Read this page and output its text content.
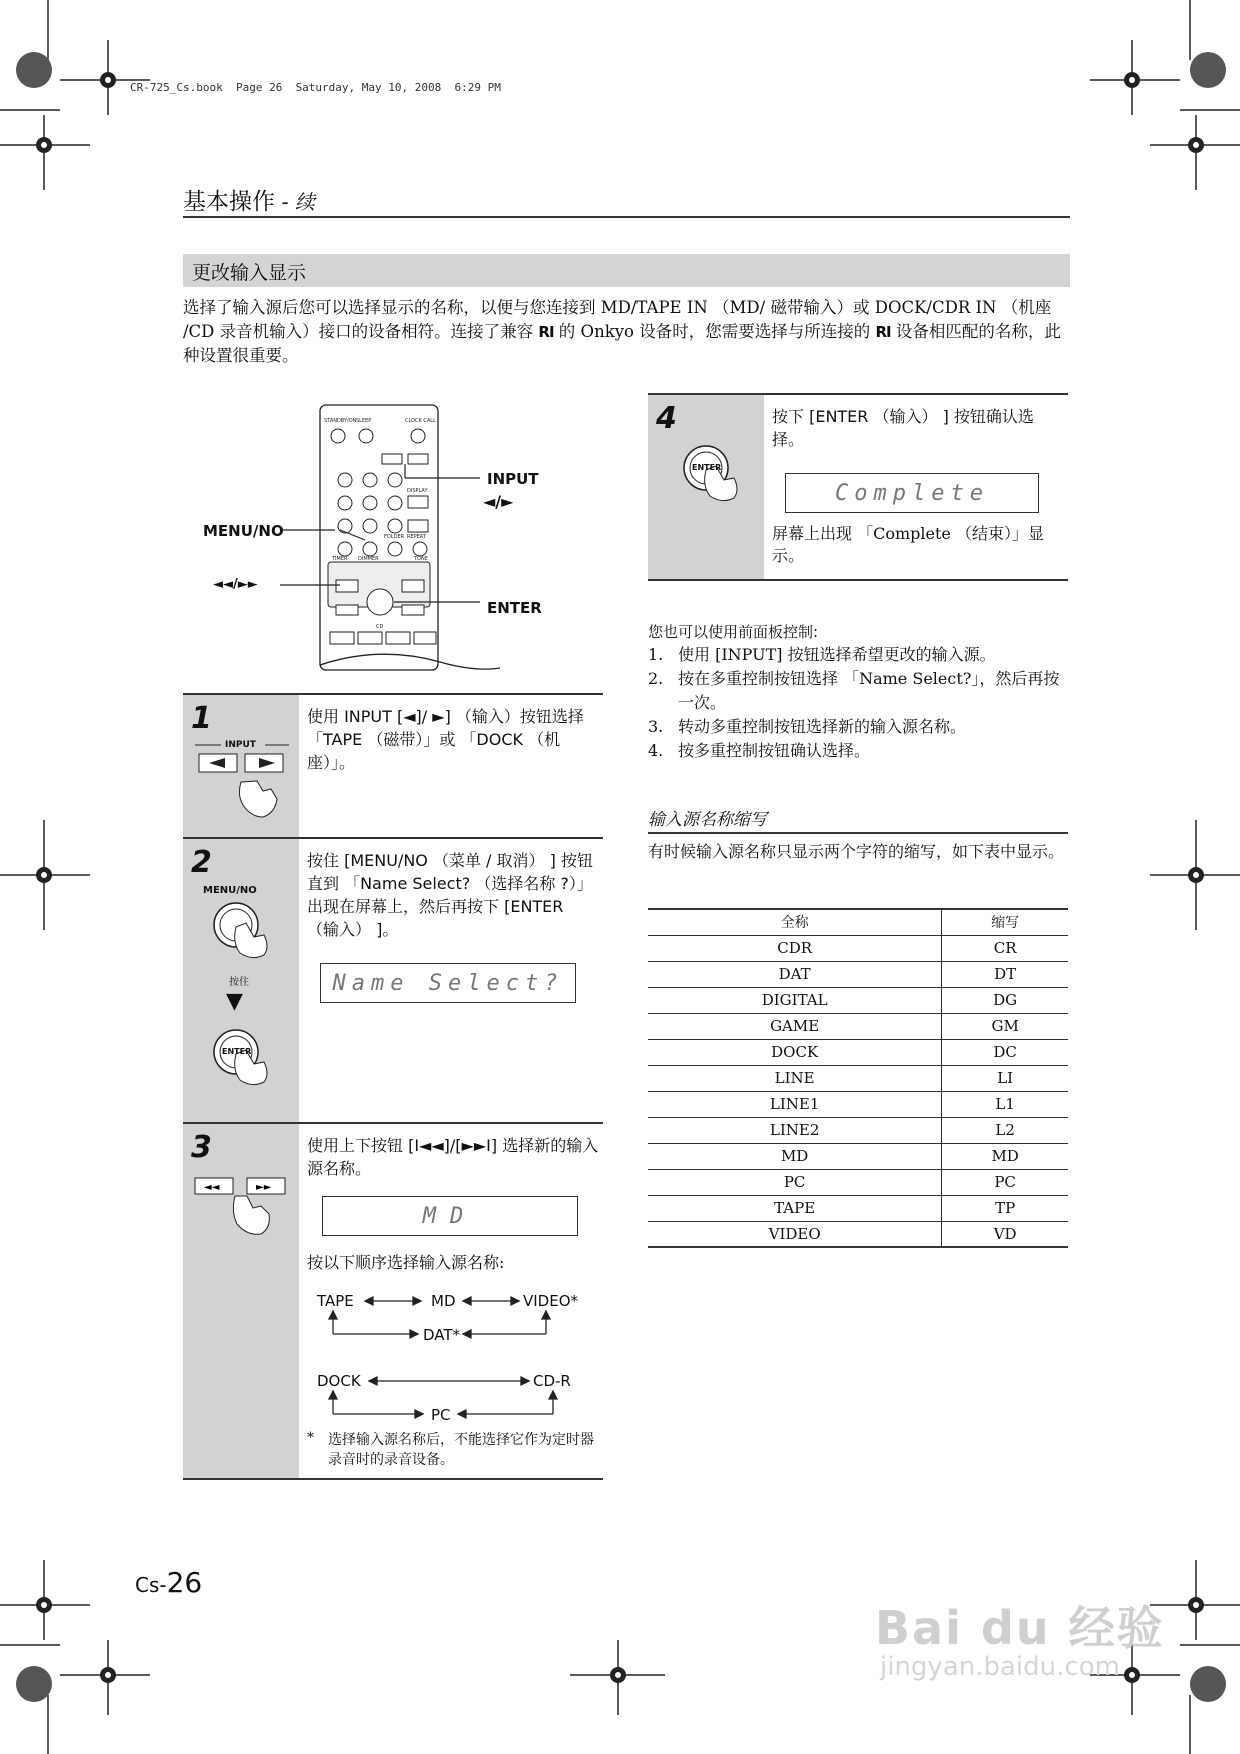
CR-725_Cs.book  Page 26  Saturday, May 10, 2008  6:29 PM
基本操作 - 续
更改输入显示
选择了输入源后您可以选择显示的名称，以便与您连接到 MD/TAPE IN （MD/ 磁带输入）或 DOCK/CDR IN （机座 /CD 录音机输入）接口的设备相符。连接了兼容 RI 的 Onkyo 设备时，您需要选择与所连接的 RI 设备相匹配的名称，此种设置很重要。
STANDBY/ON SLEEP	CLOCK CALL
DISPLAY
FOLDER REPEAT
TIMER DIMMER	TONE
CD
INPUT
◄/►
MENU/NO
◄◄/►►
ENTER
1
INPUT
使用 INPUT [◄]/ ►] （输入）按钮选择 「TAPE （磁带）」或 「DOCK （机座）」。
2
MENU/NO
按住
▼
ENTER
按住 [MENU/NO （菜单 / 取消） ] 按钮直到 「Name Select? （选择名称 ?）」出现在屏幕上，然后再按下 [ENTER （输入） ]。
Name Select?
3
◄◄	►►
使用上下按钮 [I◄◄]/[►►I] 选择新的输入源名称。
MD
按以下顺序选择输入源名称:
TAPE	MD	VIDEO*
DAT*
DOCK	CD-R
PC
* 选择输入源名称后，不能选择它作为定时器录音时的录音设备。
4
ENTER
按下 [ENTER （输入） ] 按钮确认选择。
Complete
屏幕上出现 「Complete （结束）」显示。
您也可以使用前面板控制:
1. 使用 [INPUT] 按钮选择希望更改的输入源。
2. 按在多重控制按钮选择 「Name Select?」，然后再按一次。
3. 转动多重控制按钮选择新的输入源名称。
4. 按多重控制按钮确认选择。
输入源名称缩写
有时候输入源名称只显示两个字符的缩写，如下表中显示。
全称	缩写
CDR	CR
DAT	DT
DIGITAL	DG
GAME	GM
DOCK	DC
LINE	LI
LINE1	L1
LINE2	L2
MD	MD
PC	PC
TAPE	TP
VIDEO	VD
Cs-26
Bai du 经验
jingyan.baidu.com
